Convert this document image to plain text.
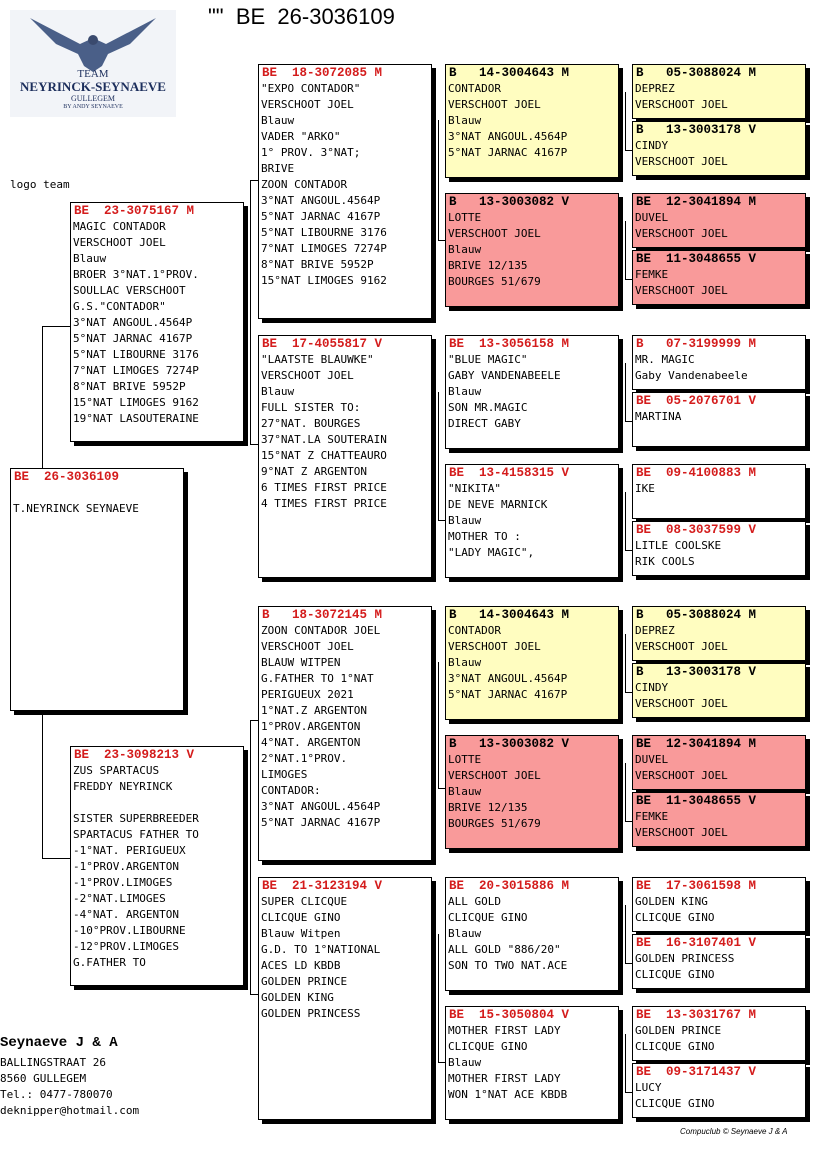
TEAM
NEYRINCK-SEYNAEVE
GULLEGEM
BY ANDY SEYNAEVE
""  BE  26-3036109
logo team
BE  26-3036109

T.NEYRINCK SEYNAEVE
BE  23-3075167 M
MAGIC CONTADOR
VERSCHOOT JOEL
Blauw
BROER 3°NAT.1°PROV.
SOULLAC VERSCHOOT
G.S."CONTADOR"
3°NAT ANGOUL.4564P
5°NAT JARNAC 4167P
5°NAT LIBOURNE 3176
7°NAT LIMOGES 7274P
8°NAT BRIVE 5952P
15°NAT LIMOGES 9162
19°NAT LASOUTERAINE
BE  23-3098213 V
ZUS SPARTACUS
FREDDY NEYRINCK

SISTER SUPERBREEDER
SPARTACUS FATHER TO
-1°NAT. PERIGUEUX
-1°PROV.ARGENTON
-1°PROV.LIMOGES
-2°NAT.LIMOGES
-4°NAT. ARGENTON
-10°PROV.LIBOURNE
-12°PROV.LIMOGES
G.FATHER TO
BE  18-3072085 M
"EXPO CONTADOR"
VERSCHOOT JOEL
Blauw
VADER "ARKO"
1° PROV. 3°NAT;
BRIVE
ZOON CONTADOR
3°NAT ANGOUL.4564P
5°NAT JARNAC 4167P
5°NAT LIBOURNE 3176
7°NAT LIMOGES 7274P
8°NAT BRIVE 5952P
15°NAT LIMOGES 9162
BE  17-4055817 V
"LAATSTE BLAUWKE"
VERSCHOOT JOEL
Blauw
FULL SISTER TO:
27°NAT. BOURGES
37°NAT.LA SOUTERAIN
15°NAT Z CHATTEAURO
9°NAT Z ARGENTON
6 TIMES FIRST PRICE
4 TIMES FIRST PRICE
B   18-3072145 M
ZOON CONTADOR JOEL
VERSCHOOT JOEL
BLAUW WITPEN
G.FATHER TO 1°NAT
PERIGUEUX 2021
1°NAT.Z ARGENTON
1°PROV.ARGENTON
4°NAT. ARGENTON
2°NAT.1°PROV.
LIMOGES
CONTADOR:
3°NAT ANGOUL.4564P
5°NAT JARNAC 4167P
BE  21-3123194 V
SUPER CLICQUE
CLICQUE GINO
Blauw Witpen
G.D. TO 1°NATIONAL
ACES LD KBDB
GOLDEN PRINCE
GOLDEN KING
GOLDEN PRINCESS
B   14-3004643 M
CONTADOR
VERSCHOOT JOEL
Blauw
3°NAT ANGOUL.4564P
5°NAT JARNAC 4167P
B   13-3003082 V
LOTTE
VERSCHOOT JOEL
Blauw
BRIVE 12/135
BOURGES 51/679
BE  13-3056158 M
"BLUE MAGIC"
GABY VANDENABEELE
Blauw
SON MR.MAGIC
DIRECT GABY
BE  13-4158315 V
"NIKITA"
DE NEVE MARNICK
Blauw
MOTHER TO :
"LADY MAGIC",
B   14-3004643 M
CONTADOR
VERSCHOOT JOEL
Blauw
3°NAT ANGOUL.4564P
5°NAT JARNAC 4167P
B   13-3003082 V
LOTTE
VERSCHOOT JOEL
Blauw
BRIVE 12/135
BOURGES 51/679
BE  20-3015886 M
ALL GOLD
CLICQUE GINO
Blauw
ALL GOLD "886/20"
SON TO TWO NAT.ACE
BE  15-3050804 V
MOTHER FIRST LADY
CLICQUE GINO
Blauw
MOTHER FIRST LADY
WON 1°NAT ACE KBDB
B   05-3088024 M
DEPREZ
VERSCHOOT JOEL
B   13-3003178 V
CINDY
VERSCHOOT JOEL
BE  12-3041894 M
DUVEL
VERSCHOOT JOEL
BE  11-3048655 V
FEMKE
VERSCHOOT JOEL
B   07-3199999 M
MR. MAGIC
Gaby Vandenabeele
BE  05-2076701 V
MARTINA
BE  09-4100883 M
IKE
BE  08-3037599 V
LITLE COOLSKE
RIK COOLS
B   05-3088024 M
DEPREZ
VERSCHOOT JOEL
B   13-3003178 V
CINDY
VERSCHOOT JOEL
BE  12-3041894 M
DUVEL
VERSCHOOT JOEL
BE  11-3048655 V
FEMKE
VERSCHOOT JOEL
BE  17-3061598 M
GOLDEN KING
CLICQUE GINO
BE  16-3107401 V
GOLDEN PRINCESS
CLICQUE GINO
BE  13-3031767 M
GOLDEN PRINCE
CLICQUE GINO
BE  09-3171437 V
LUCY
CLICQUE GINO
Seynaeve J & A
BALLINGSTRAAT 26
8560 GULLEGEM
Tel.: 0477-780070
deknipper@hotmail.com
Compuclub © Seynaeve J & A
